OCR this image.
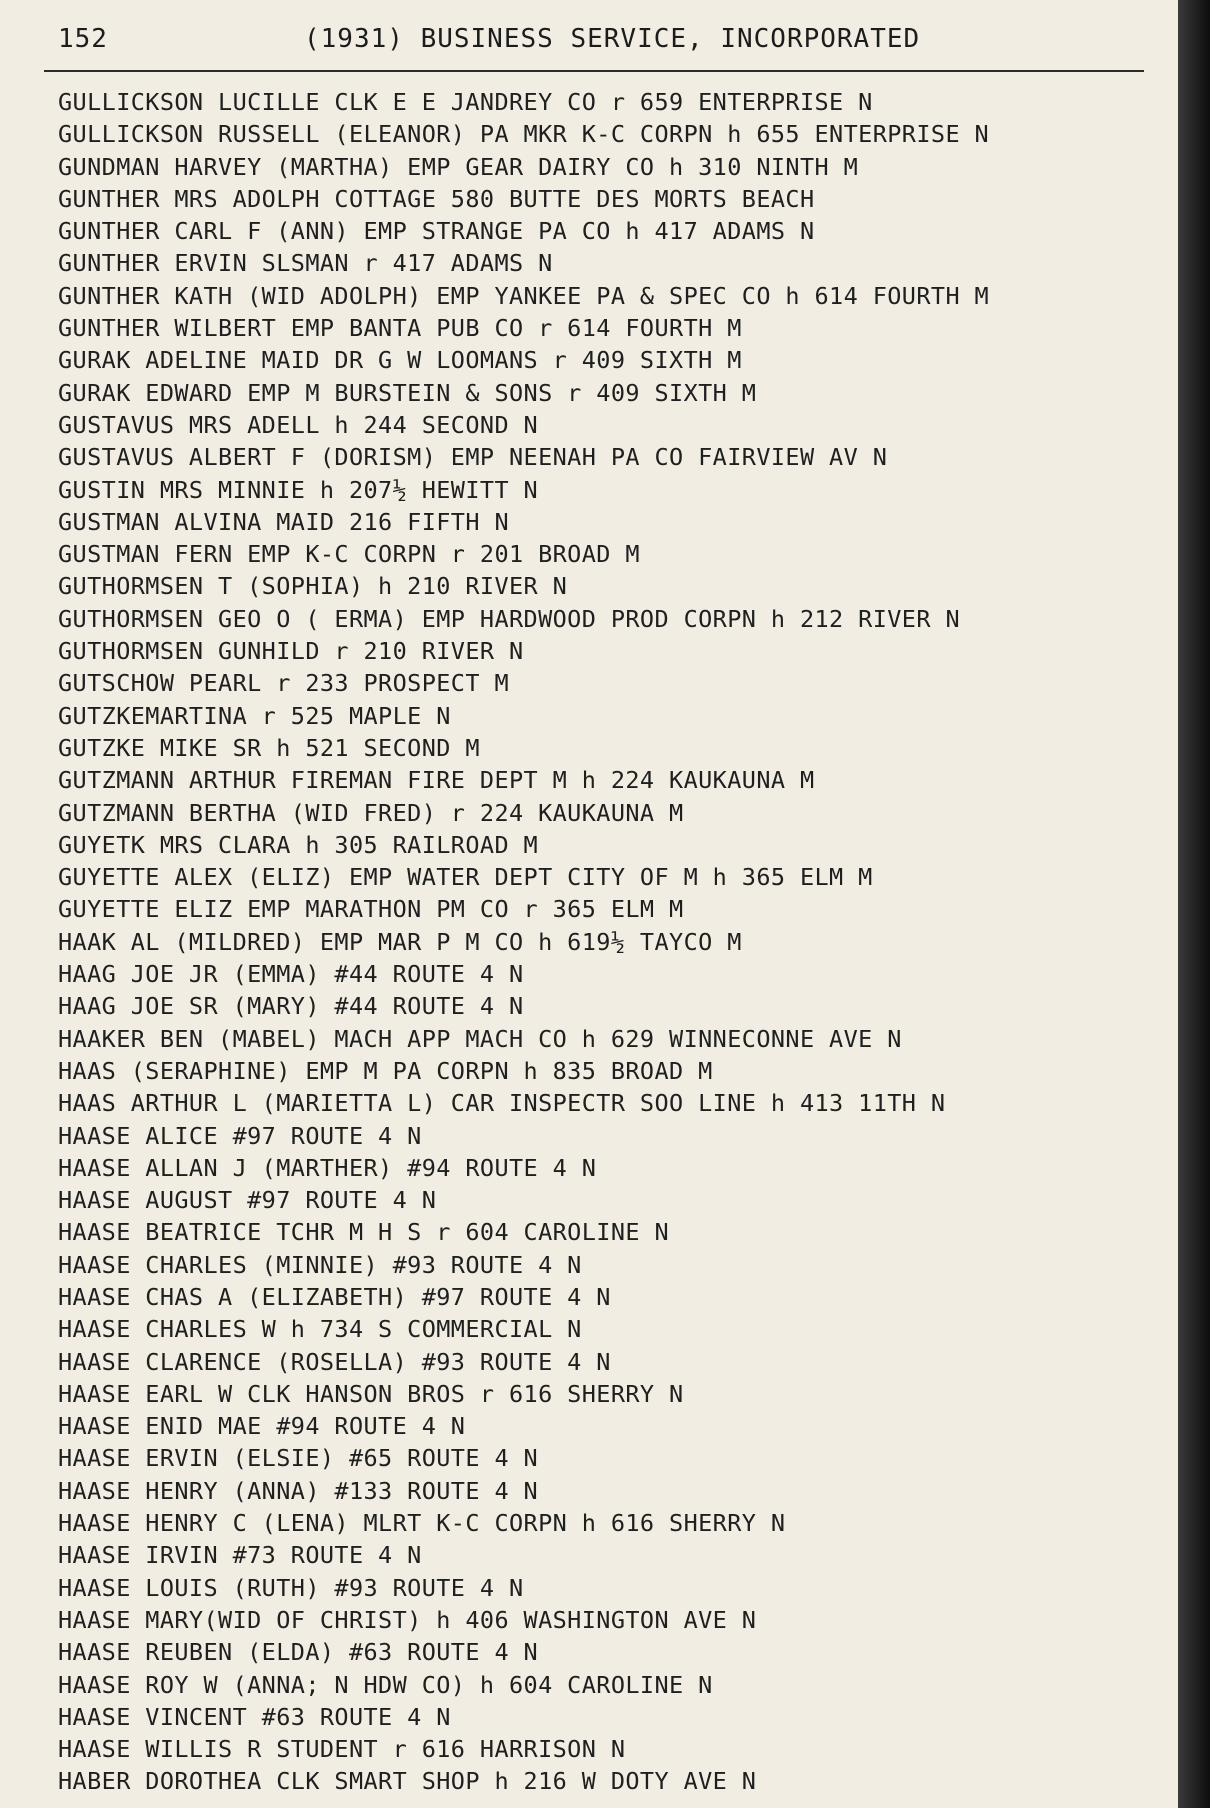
152	(1931) BUSINESS SERVICE, INCORPORATED
GULLICKSON LUCILLE CLK E E JANDREY CO r 659 ENTERPRISE N
GULLICKSON RUSSELL (ELEANOR) PA MKR K-C CORPN h 655 ENTERPRISE N
GUNDMAN HARVEY (MARTHA) EMP GEAR DAIRY CO h 310 NINTH M
GUNTHER MRS ADOLPH COTTAGE 580 BUTTE DES MORTS BEACH
GUNTHER CARL F (ANN) EMP STRANGE PA CO h 417 ADAMS N
GUNTHER ERVIN SLSMAN r 417 ADAMS N
GUNTHER KATH (WID ADOLPH) EMP YANKEE PA & SPEC CO h 614 FOURTH M
GUNTHER WILBERT EMP BANTA PUB CO r 614 FOURTH M
GURAK ADELINE MAID DR G W LOOMANS r 409 SIXTH M
GURAK EDWARD EMP M BURSTEIN & SONS r 409 SIXTH M
GUSTAVUS MRS ADELL h 244 SECOND N
GUSTAVUS ALBERT F (DORISM) EMP NEENAH PA CO FAIRVIEW AV N
GUSTIN MRS MINNIE h 207½ HEWITT N
GUSTMAN ALVINA MAID 216 FIFTH N
GUSTMAN FERN EMP K-C CORPN r 201 BROAD M
GUTHORMSEN T (SOPHIA) h 210 RIVER N
GUTHORMSEN GEO O ( ERMA) EMP HARDWOOD PROD CORPN h 212 RIVER N
GUTHORMSEN GUNHILD r 210 RIVER N
GUTSCHOW PEARL r 233 PROSPECT M
GUTZKEMARTINA r 525 MAPLE N
GUTZKE MIKE SR h 521 SECOND M
GUTZMANN ARTHUR FIREMAN FIRE DEPT M h 224 KAUKAUNA M
GUTZMANN BERTHA (WID FRED) r 224 KAUKAUNA M
GUYETK MRS CLARA h 305 RAILROAD M
GUYETTE ALEX (ELIZ) EMP WATER DEPT CITY OF M h 365 ELM M
GUYETTE ELIZ EMP MARATHON PM CO r 365 ELM M
HAAK AL (MILDRED) EMP MAR P M CO h 619½ TAYCO M
HAAG JOE JR (EMMA) #44 ROUTE 4 N
HAAG JOE SR (MARY) #44 ROUTE 4 N
HAAKER BEN (MABEL) MACH APP MACH CO h 629 WINNECONNE AVE N
HAAS (SERAPHINE) EMP M PA CORPN h 835 BROAD M
HAAS ARTHUR L (MARIETTA L) CAR INSPECTR SOO LINE h 413 11TH N
HAASE ALICE #97 ROUTE 4 N
HAASE ALLAN J (MARTHER) #94 ROUTE 4 N
HAASE AUGUST #97 ROUTE 4 N
HAASE BEATRICE TCHR M H S r 604 CAROLINE N
HAASE CHARLES (MINNIE) #93 ROUTE 4 N
HAASE CHAS A (ELIZABETH) #97 ROUTE 4 N
HAASE CHARLES W h 734 S COMMERCIAL N
HAASE CLARENCE (ROSELLA) #93 ROUTE 4 N
HAASE EARL W CLK HANSON BROS r 616 SHERRY N
HAASE ENID MAE #94 ROUTE 4 N
HAASE ERVIN (ELSIE) #65 ROUTE 4 N
HAASE HENRY (ANNA) #133 ROUTE 4 N
HAASE HENRY C (LENA) MLRT K-C CORPN h 616 SHERRY N
HAASE IRVIN #73 ROUTE 4 N
HAASE LOUIS (RUTH) #93 ROUTE 4 N
HAASE MARY(WID OF CHRIST) h 406 WASHINGTON AVE N
HAASE REUBEN (ELDA) #63 ROUTE 4 N
HAASE ROY W (ANNA; N HDW CO) h 604 CAROLINE N
HAASE VINCENT #63 ROUTE 4 N
HAASE WILLIS R STUDENT r 616 HARRISON N
HABER DOROTHEA CLK SMART SHOP h 216 W DOTY AVE N
